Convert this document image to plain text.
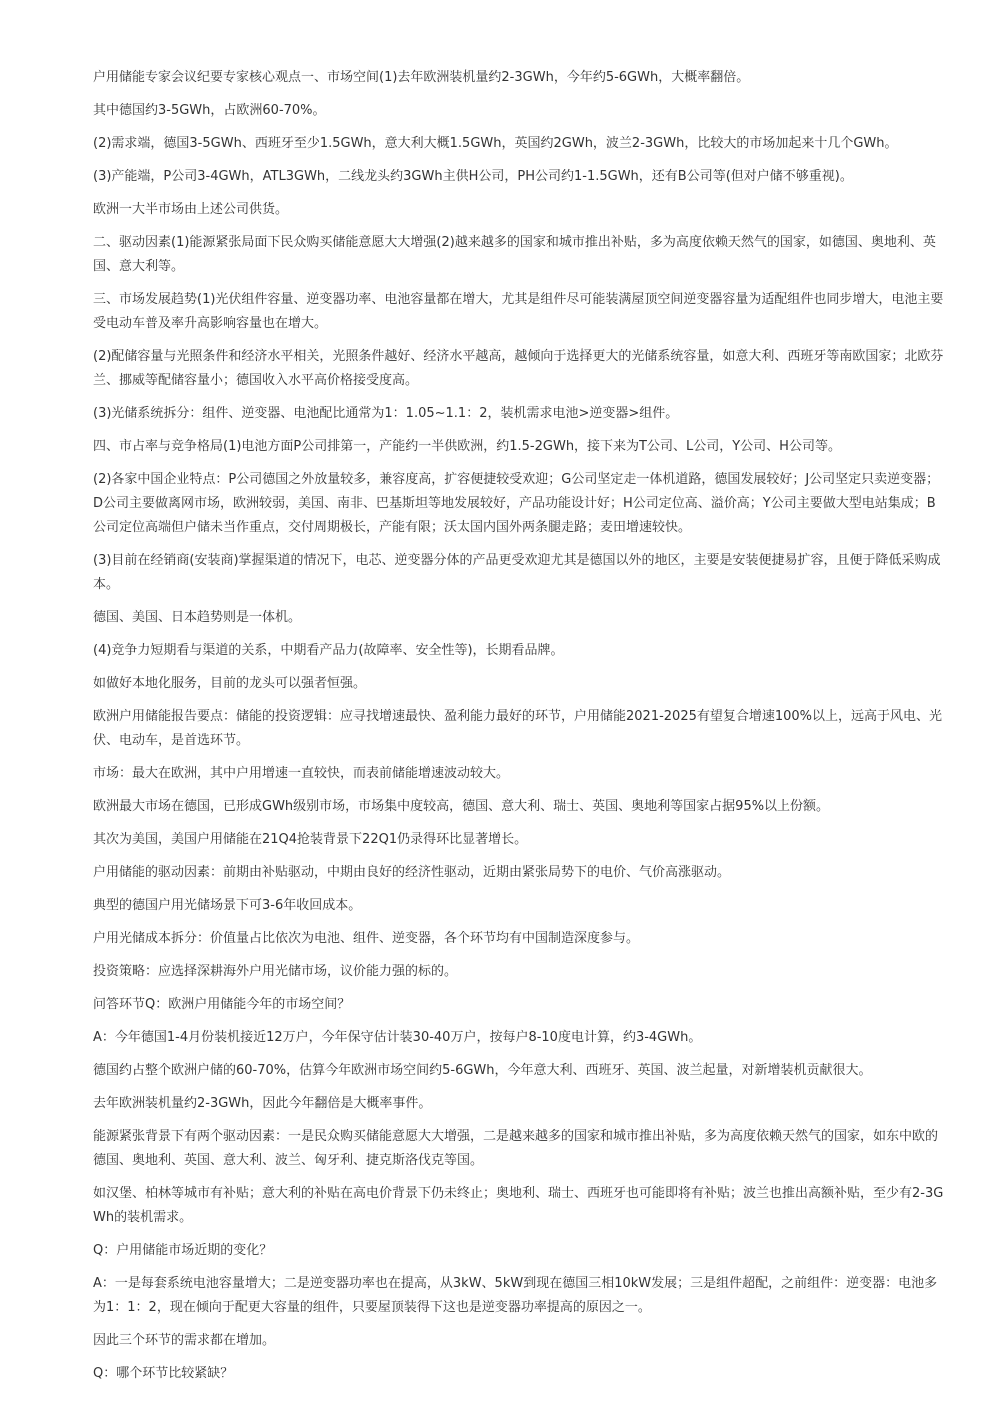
户用储能专家会议纪要专家核心观点一、市场空间(1)去年欧洲装机量约2-3GWh，今年约5-6GWh，大概率翻倍。

其中德国约3-5GWh，占欧洲60-70%。

(2)需求端，德国3-5GWh、西班牙至少1.5GWh，意大利大概1.5GWh，英国约2GWh，波兰2-3GWh，比较大的市场加起来十几个GWh。

(3)产能端，P公司3-4GWh，ATL3GWh，二线龙头约3GWh主供H公司，PH公司约1-1.5GWh，还有B公司等(但对户储不够重视)。

欧洲一大半市场由上述公司供货。

二、驱动因素(1)能源紧张局面下民众购买储能意愿大大增强(2)越来越多的国家和城市推出补贴，多为高度依赖天然气的国家，如德国、奥地利、英国、意大利等。

三、市场发展趋势(1)光伏组件容量、逆变器功率、电池容量都在增大，尤其是组件尽可能装满屋顶空间逆变器容量为适配组件也同步增大，电池主要受电动车普及率升高影响容量也在增大。

(2)配储容量与光照条件和经济水平相关，光照条件越好、经济水平越高，越倾向于选择更大的光储系统容量，如意大利、西班牙等南欧国家；北欧芬兰、挪威等配储容量小；德国收入水平高价格接受度高。

(3)光储系统拆分：组件、逆变器、电池配比通常为1：1.05~1.1：2，装机需求电池>逆变器>组件。

四、市占率与竞争格局(1)电池方面P公司排第一，产能约一半供欧洲，约1.5-2GWh，接下来为T公司、L公司，Y公司、H公司等。

(2)各家中国企业特点：P公司德国之外放量较多，兼容度高，扩容便捷较受欢迎；G公司坚定走一体机道路，德国发展较好；J公司坚定只卖逆变器；D公司主要做离网市场，欧洲较弱，美国、南非、巴基斯坦等地发展较好，产品功能设计好；H公司定位高、溢价高；Y公司主要做大型电站集成；B公司定位高端但户储未当作重点，交付周期极长，产能有限；沃太国内国外两条腿走路；麦田增速较快。

(3)目前在经销商(安装商)掌握渠道的情况下，电芯、逆变器分体的产品更受欢迎尤其是德国以外的地区，主要是安装便捷易扩容，且便于降低采购成本。

德国、美国、日本趋势则是一体机。

(4)竞争力短期看与渠道的关系，中期看产品力(故障率、安全性等)，长期看品牌。

如做好本地化服务，目前的龙头可以强者恒强。

欧洲户用储能报告要点：储能的投资逻辑：应寻找增速最快、盈利能力最好的环节，户用储能2021-2025有望复合增速100%以上，远高于风电、光伏、电动车，是首选环节。

市场：最大在欧洲，其中户用增速一直较快，而表前储能增速波动较大。

欧洲最大市场在德国，已形成GWh级别市场，市场集中度较高，德国、意大利、瑞士、英国、奥地利等国家占据95%以上份额。

其次为美国，美国户用储能在21Q4抢装背景下22Q1仍录得环比显著增长。

户用储能的驱动因素：前期由补贴驱动，中期由良好的经济性驱动，近期由紧张局势下的电价、气价高涨驱动。

典型的德国户用光储场景下可3-6年收回成本。

户用光储成本拆分：价值量占比依次为电池、组件、逆变器，各个环节均有中国制造深度参与。

投资策略：应选择深耕海外户用光储市场，议价能力强的标的。

问答环节Q：欧洲户用储能今年的市场空间？

A：今年德国1-4月份装机接近12万户，今年保守估计装30-40万户，按每户8-10度电计算，约3-4GWh。

德国约占整个欧洲户储的60-70%，估算今年欧洲市场空间约5-6GWh，今年意大利、西班牙、英国、波兰起量，对新增装机贡献很大。

去年欧洲装机量约2-3GWh，因此今年翻倍是大概率事件。

能源紧张背景下有两个驱动因素：一是民众购买储能意愿大大增强，二是越来越多的国家和城市推出补贴，多为高度依赖天然气的国家，如东中欧的德国、奥地利、英国、意大利、波兰、匈牙利、捷克斯洛伐克等国。

如汉堡、柏林等城市有补贴；意大利的补贴在高电价背景下仍未终止；奥地利、瑞士、西班牙也可能即将有补贴；波兰也推出高额补贴，至少有2-3GWh的装机需求。

Q：户用储能市场近期的变化？

A：一是每套系统电池容量增大；二是逆变器功率也在提高，从3kW、5kW到现在德国三相10kW发展；三是组件超配，之前组件：逆变器：电池多为1：1：2，现在倾向于配更大容量的组件，只要屋顶装得下这也是逆变器功率提高的原因之一。

因此三个环节的需求都在增加。

Q：哪个环节比较紧缺？
